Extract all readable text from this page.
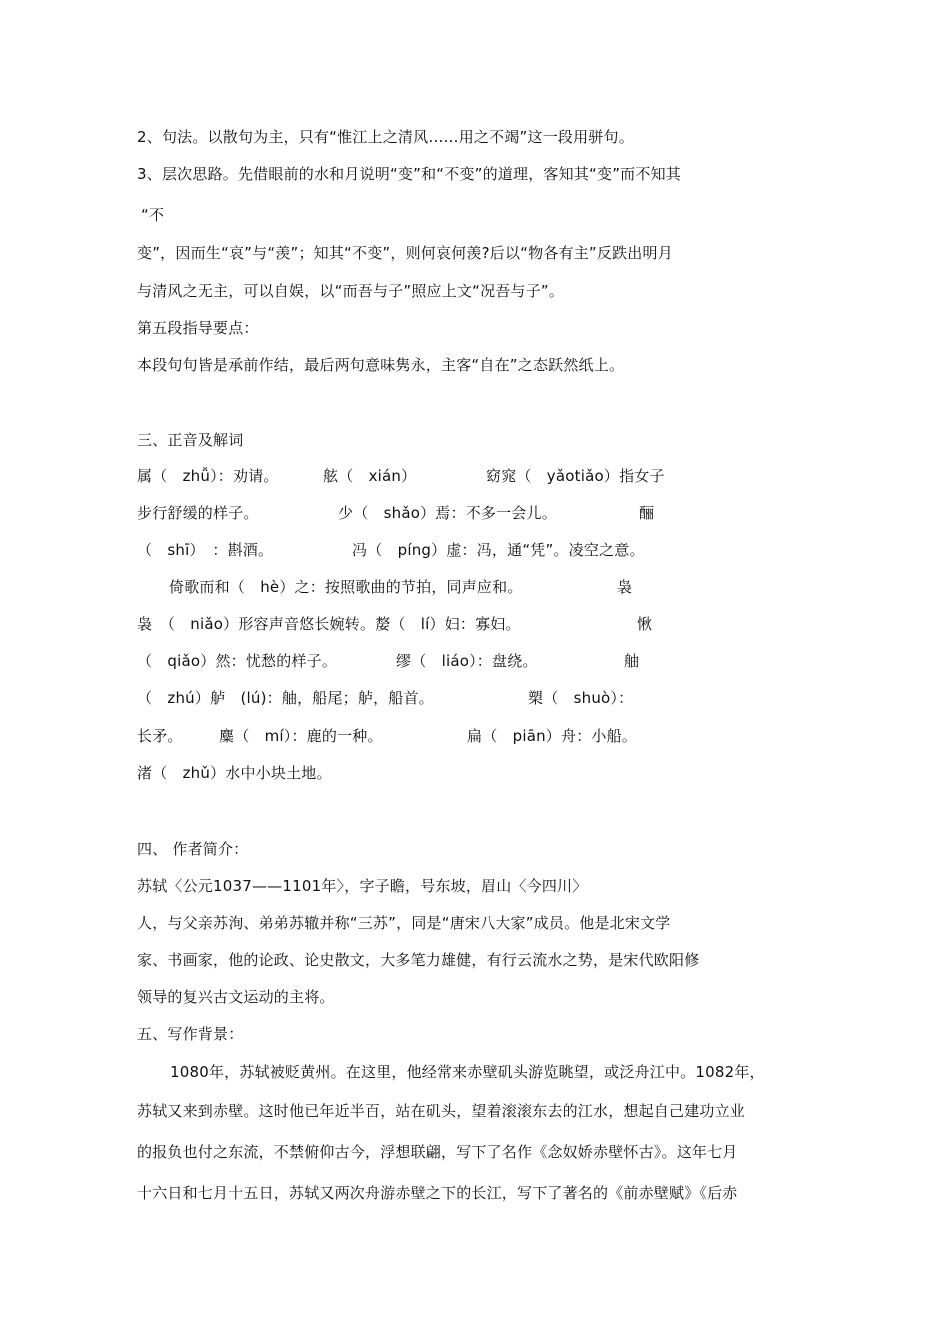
2、句法。以散句为主，只有“惟江上之清风……用之不竭”这一段用骈句。
3、层次思路。先借眼前的水和月说明“变”和“不变”的道理，客知其“变”而不知其
“不
变”，因而生“哀”与“羡”；知其“不变”，则何哀何羡?后以“物各有主”反跌出明月
与清风之无主，可以自娱，以“而吾与子”照应上文“况吾与子”。
第五段指导要点：
本段句句皆是承前作结，最后两句意味隽永，主客“自在”之态跃然纸上。
三、正音及解词
属（　zhǚ）：劝请。	舷（　xián）	窈窕（　yǎotiǎo）指女子
步行舒缓的样子。	少（　shǎo）焉：不多一会儿。	酾
（　shī）　：斟酒。	冯（　píng）虚：冯，通“凭”。凌空之意。
倚歌而和（　hè）之：按照歌曲的节拍，同声应和。	袅
袅　（　niǎo）形容声音悠长婉转。嫠（　lí）妇：寡妇。	愀
（　qiǎo）然：忧愁的样子。	缪（　liáo）：盘绕。	舳
（　zhú）舻　(lú)：舳，船尾；舻，船首。	槊（　shuò）：
长矛。 麋（　mí）：鹿的一种。	扁（　piān）舟：小船。
渚（　zhǔ）水中小块土地。
四、 作者简介：
苏轼〈公元1037——1101年〉，字子瞻，号东坡，眉山〈今四川〉
人，与父亲苏洵、弟弟苏辙并称“三苏”，同是“唐宋八大家”成员。他是北宋文学
家、书画家，他的论政、论史散文，大多笔力雄健，有行云流水之势，是宋代欧阳修
领导的复兴古文运动的主将。
五、写作背景：
1080年，苏轼被贬黄州。在这里，他经常来赤壁矶头游览眺望，或泛舟江中。1082年，
苏轼又来到赤壁。这时他已年近半百，站在矶头，望着滚滚东去的江水，想起自己建功立业
的报负也付之东流，不禁俯仰古今，浮想联翩，写下了名作《念奴娇赤壁怀古》。这年七月
十六日和七月十五日，苏轼又两次舟游赤壁之下的长江，写下了著名的《前赤壁赋》《后赤
